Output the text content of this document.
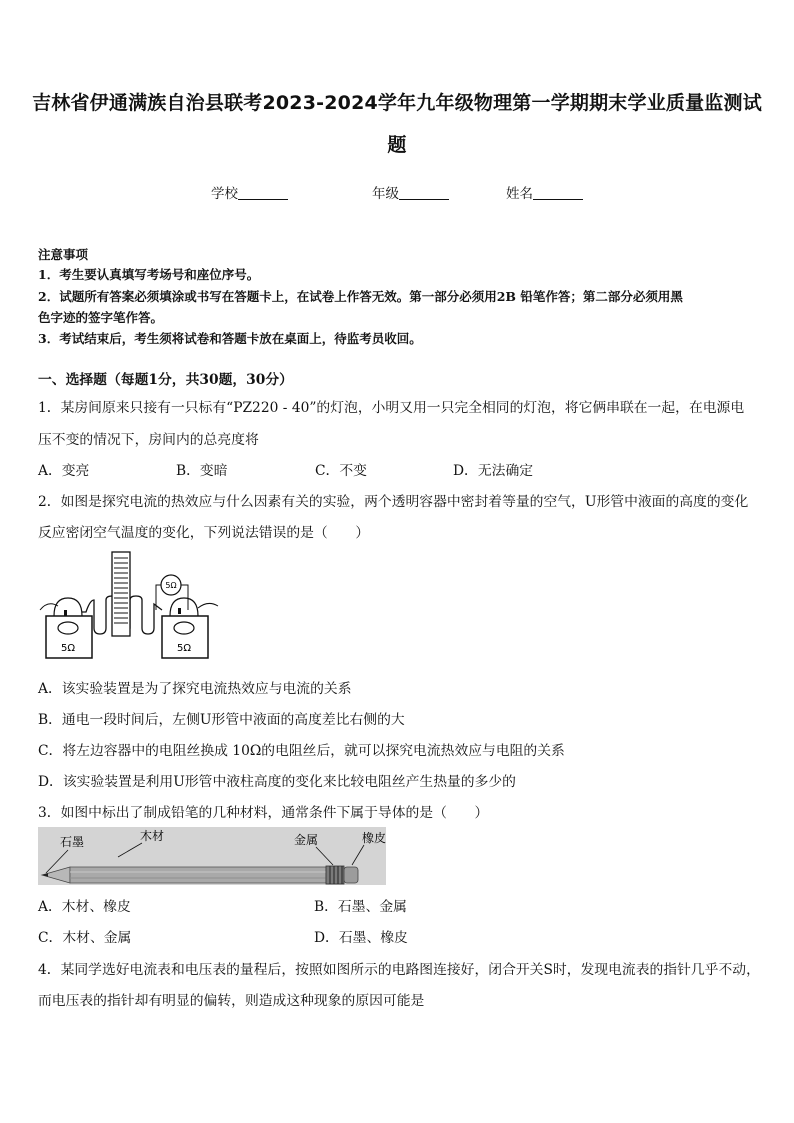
吉林省伊通满族自治县联考2023-2024学年九年级物理第一学期期末学业质量监测试
题
学校	年级	姓名
注意事项
1．考生要认真填写考场号和座位序号。
2．试题所有答案必须填涂或书写在答题卡上，在试卷上作答无效。第一部分必须用2B 铅笔作答；第二部分必须用黑
色字迹的签字笔作答。
3．考试结束后，考生须将试卷和答题卡放在桌面上，待监考员收回。
一、选择题（每题1分，共30题，30分）
1．某房间原来只接有一只标有“PZ220 - 40”的灯泡，小明又用一只完全相同的灯泡，将它俩串联在一起，在电源电
压不变的情况下，房间内的总亮度将
A．变亮	B．变暗	C．不变	D．无法确定
2．如图是探究电流的热效应与什么因素有关的实验，两个透明容器中密封着等量的空气，U形管中液面的高度的变化
反应密闭空气温度的变化，下列说法错误的是（　　）
5Ω	5Ω
5Ω
A．该实验装置是为了探究电流热效应与电流的关系
B．通电一段时间后，左侧U形管中液面的高度差比右侧的大
C．将左边容器中的电阻丝换成 10Ω的电阻丝后，就可以探究电流热效应与电阻的关系
D．该实验装置是利用U形管中液柱高度的变化来比较电阻丝产生热量的多少的
3．如图中标出了制成铅笔的几种材料，通常条件下属于导体的是（　　）
石墨	木材	金属	橡皮
A．木材、橡皮	B．石墨、金属
C．木材、金属	D．石墨、橡皮
4．某同学选好电流表和电压表的量程后，按照如图所示的电路图连接好，闭合开关S时，发现电流表的指针几乎不动，
而电压表的指针却有明显的偏转，则造成这种现象的原因可能是
